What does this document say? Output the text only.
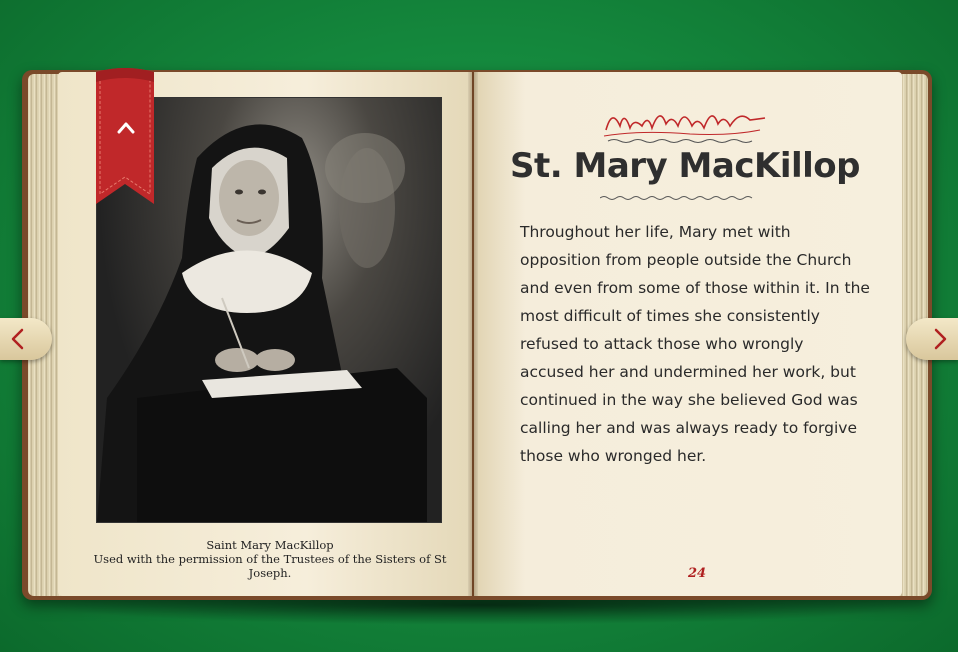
Saint Mary MacKillop
Used with the permission of the Trustees of the Sisters of St Joseph.
St. Mary MacKillop
Throughout her life, Mary met with opposition from people outside the Church and even from some of those within it. In the most difficult of times she consistently refused to attack those who wrongly accused her and undermined her work, but continued in the way she believed God was calling her and was always ready to forgive those who wronged her.
24
